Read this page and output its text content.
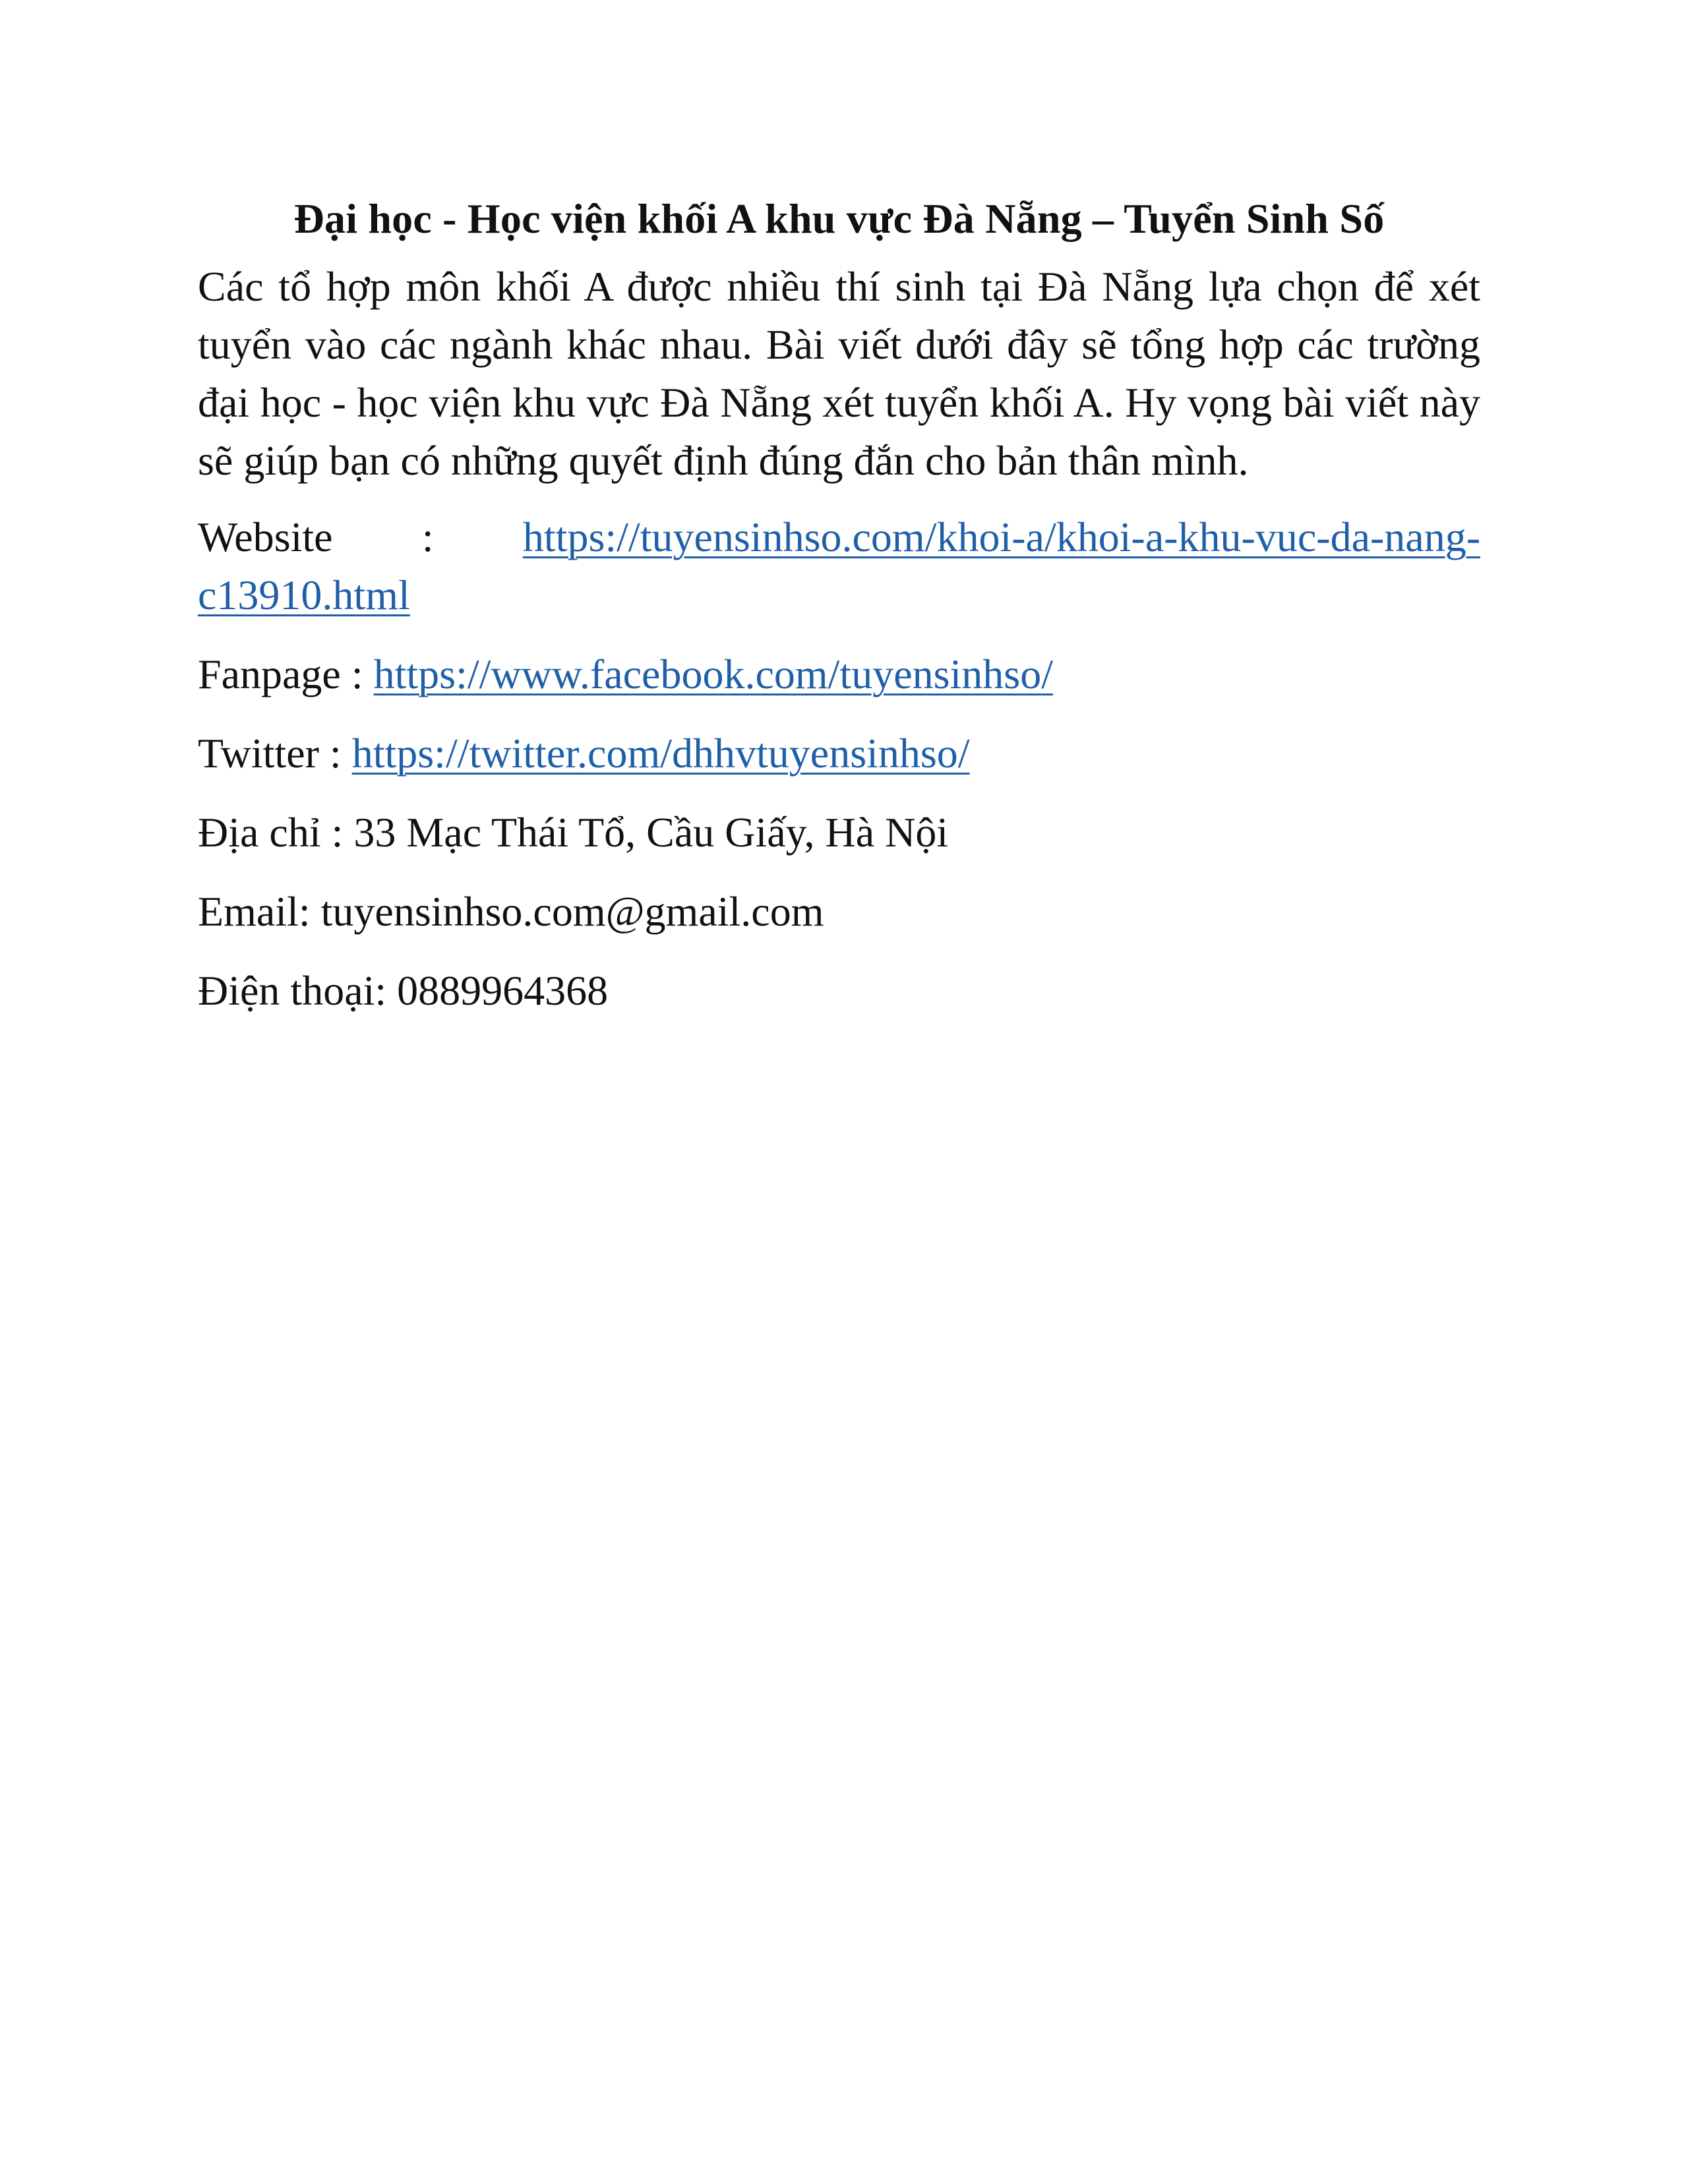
Đại học - Học viện khối A khu vực Đà Nẵng – Tuyển Sinh Số

Các tổ hợp môn khối A được nhiều thí sinh tại Đà Nẵng lựa chọn để xét tuyển vào các ngành khác nhau. Bài viết dưới đây sẽ tổng hợp các trường đại học - học viện khu vực Đà Nẵng xét tuyển khối A. Hy vọng bài viết này sẽ giúp bạn có những quyết định đúng đắn cho bản thân mình.

Website : https://tuyensinhso.com/khoi-a/khoi-a-khu-vuc-da-nang-c13910.html

Fanpage : https://www.facebook.com/tuyensinhso/

Twitter : https://twitter.com/dhhvtuyensinhso/

Địa chỉ : 33 Mạc Thái Tổ, Cầu Giấy, Hà Nội

Email: tuyensinhso.com@gmail.com

Điện thoại: 0889964368
